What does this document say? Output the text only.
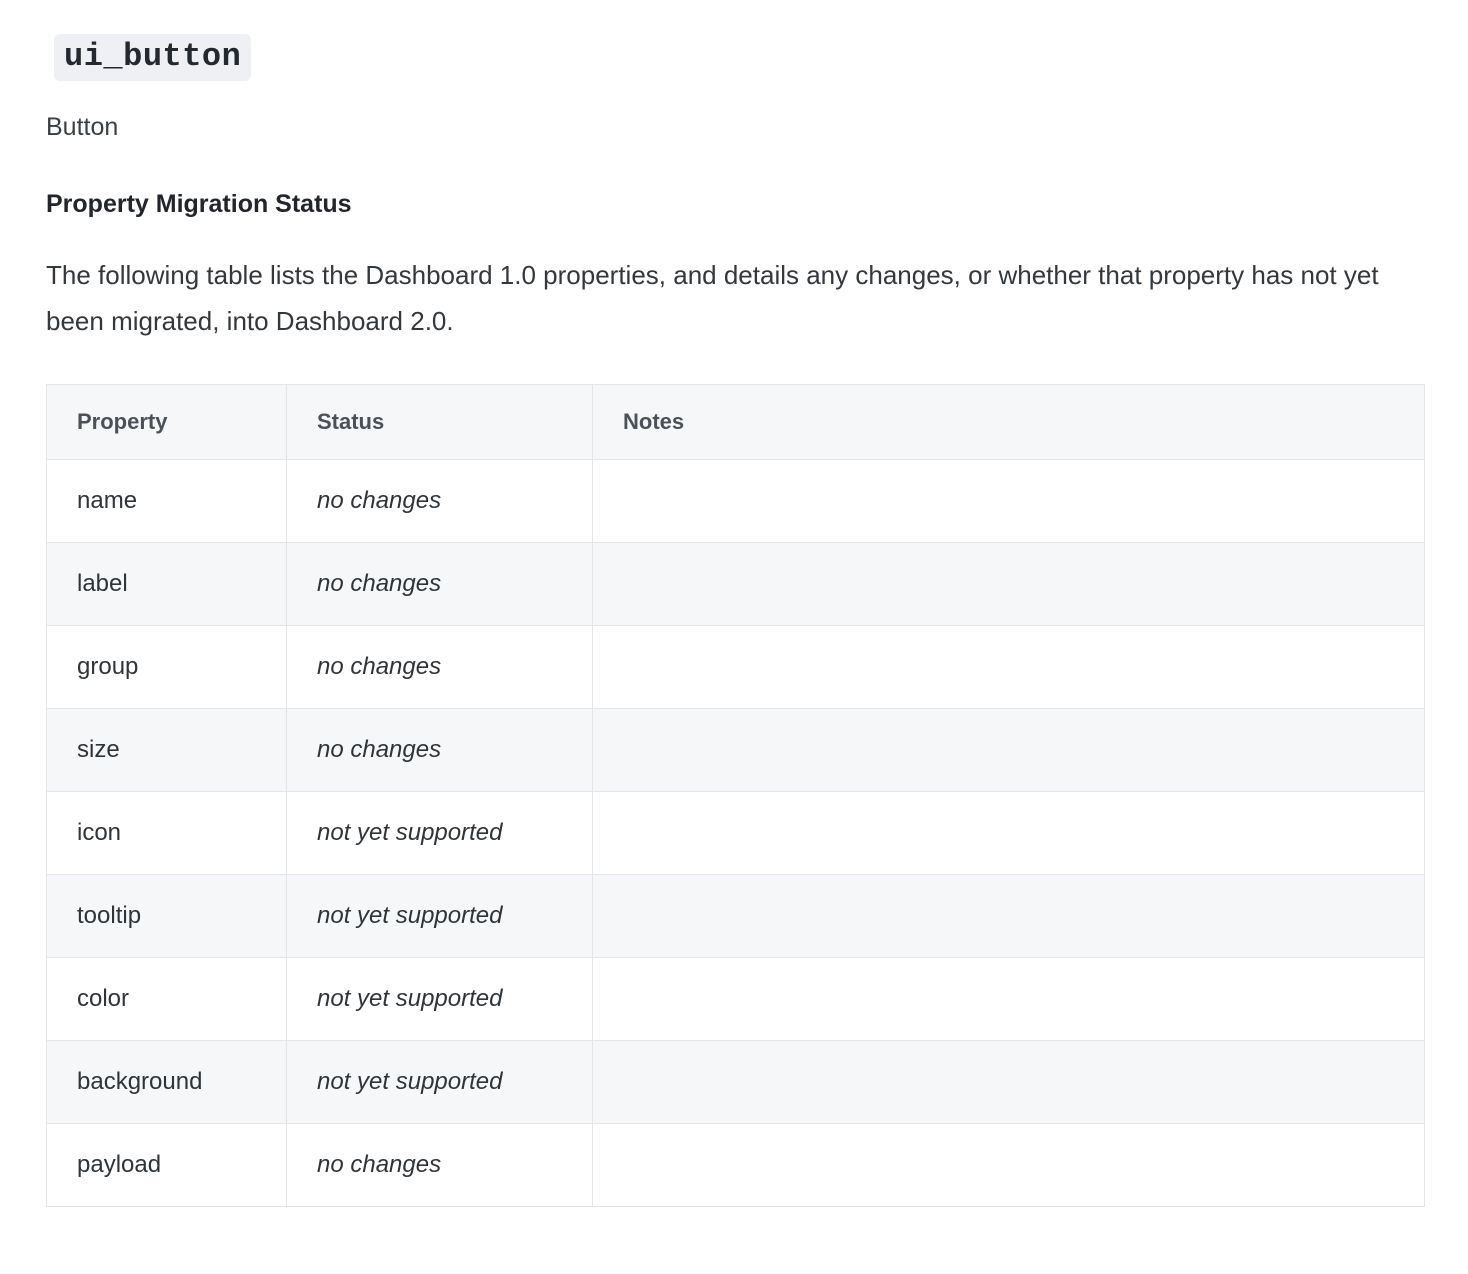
ui_button

Button

Property Migration Status

The following table lists the Dashboard 1.0 properties, and details any changes, or whether that property has not yet been migrated, into Dashboard 2.0.

Property	Status	Notes
name	no changes	
label	no changes	
group	no changes	
size	no changes	
icon	not yet supported	
tooltip	not yet supported	
color	not yet supported	
background	not yet supported	
payload	no changes	
